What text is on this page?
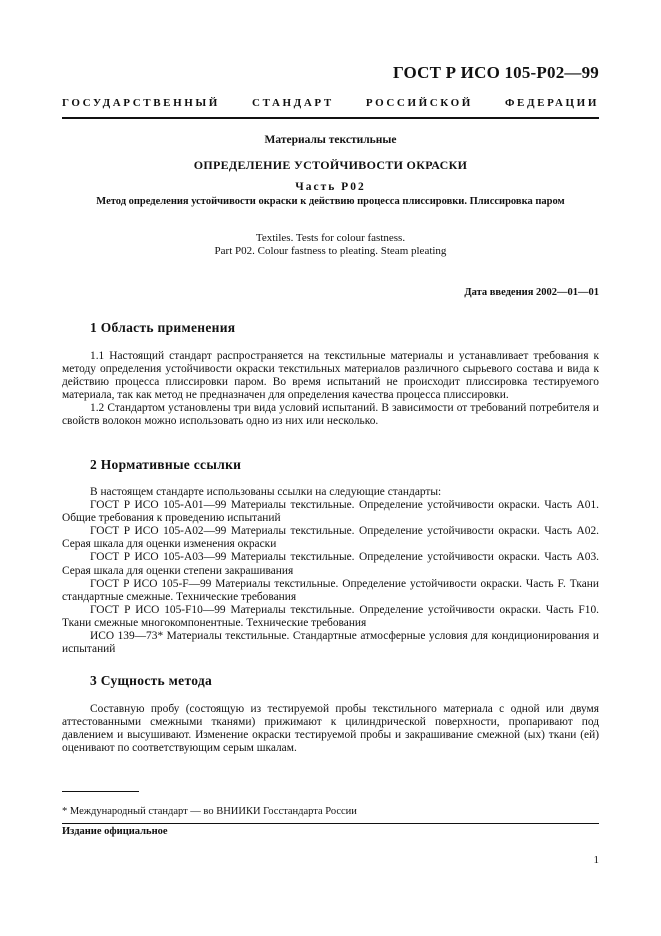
ГОСТ Р ИСО 105-Р02—99
ГОСУДАРСТВЕННЫЙ СТАНДАРТ РОССИЙСКОЙ ФЕДЕРАЦИИ
Материалы текстильные
ОПРЕДЕЛЕНИЕ УСТОЙЧИВОСТИ ОКРАСКИ
Часть Р02
Метод определения устойчивости окраски к действию процесса плиссировки. Плиссировка паром
Textiles. Tests for colour fastness.
Part P02. Colour fastness to pleating. Steam pleating
Дата введения 2002—01—01
1 Область применения

1.1 Настоящий стандарт распространяется на текстильные материалы и устанавливает требования к методу определения устойчивости окраски текстильных материалов различного сырьевого состава и вида к действию процесса плиссировки паром. Во время испытаний не происходит плиссировка тестируемого материала, так как метод не предназначен для определения качества процесса плиссировки.

1.2 Стандартом установлены три вида условий испытаний. В зависимости от требований потребителя и свойств волокон можно использовать одно из них или несколько.

2 Нормативные ссылки

В настоящем стандарте использованы ссылки на следующие стандарты:

ГОСТ Р ИСО 105-А01—99 Материалы текстильные. Определение устойчивости окраски. Часть А01. Общие требования к проведению испытаний

ГОСТ Р ИСО 105-А02—99 Материалы текстильные. Определение устойчивости окраски. Часть А02. Серая шкала для оценки изменения окраски

ГОСТ Р ИСО 105-А03—99 Материалы текстильные. Определение устойчивости окраски. Часть А03. Серая шкала для оценки степени закрашивания

ГОСТ Р ИСО 105-F—99 Материалы текстильные. Определение устойчивости окраски. Часть F. Ткани стандартные смежные. Технические требования

ГОСТ Р ИСО 105-F10—99 Материалы текстильные. Определение устойчивости окраски. Часть F10. Ткани смежные многокомпонентные. Технические требования

ИСО 139—73* Материалы текстильные. Стандартные атмосферные условия для кондиционирования и испытаний

3 Сущность метода

Составную пробу (состоящую из тестируемой пробы текстильного материала с одной или двумя аттестованными смежными тканями) прижимают к цилиндрической поверхности, пропаривают под давлением и высушивают. Изменение окраски тестируемой пробы и закрашивание смежной (ых) ткани (ей) оценивают по соответствующим серым шкалам.

* Международный стандарт — во ВНИИКИ Госстандарта России
Издание официальное
1
